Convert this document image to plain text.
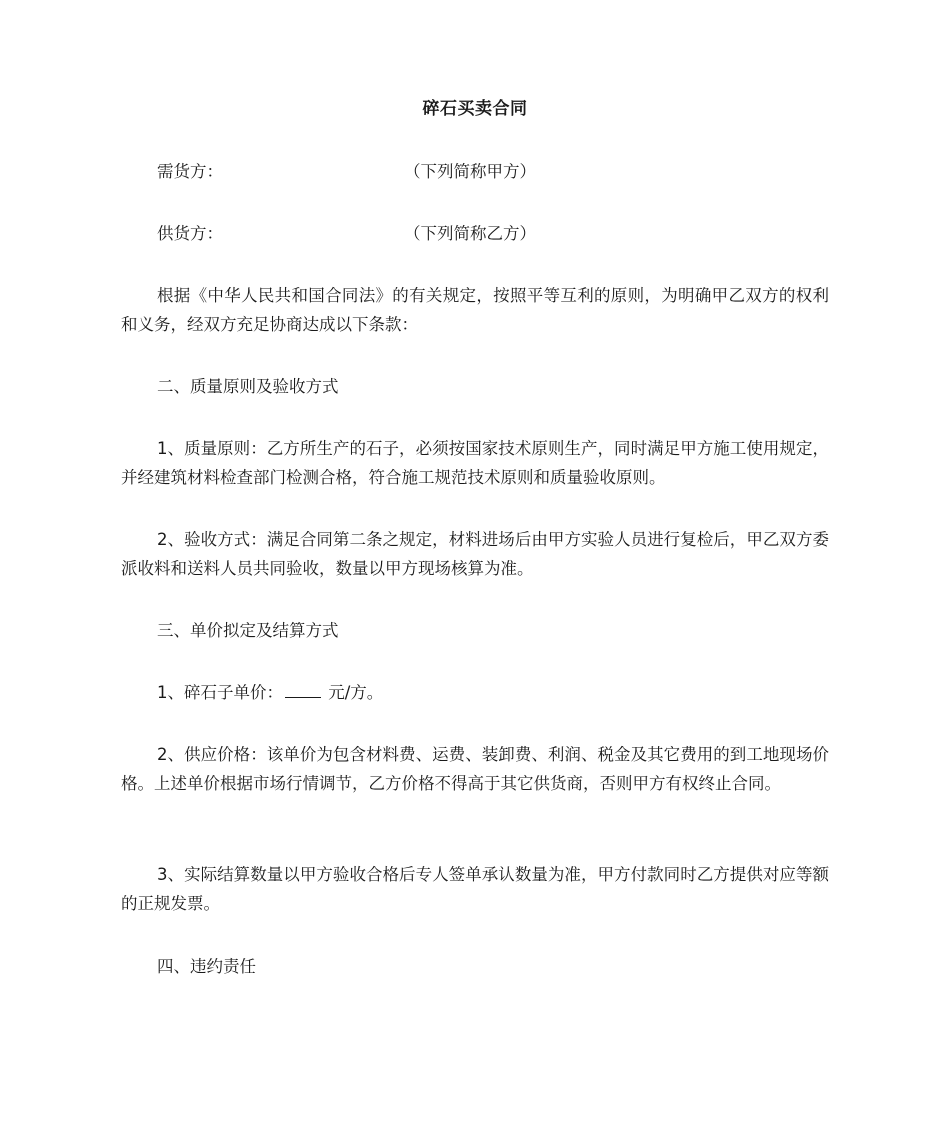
碎石买卖合同
需货方：	（下列简称甲方）
供货方：	（下列简称乙方）

根据《中华人民共和国合同法》的有关规定，按照平等互利的原则，为明确甲乙双方的权利和义务，经双方充足协商达成以下条款：

二、质量原则及验收方式

1、质量原则：乙方所生产的石子，必须按国家技术原则生产，同时满足甲方施工使用规定，并经建筑材料检查部门检测合格，符合施工规范技术原则和质量验收原则。

2、验收方式：满足合同第二条之规定，材料进场后由甲方实验人员进行复检后，甲乙双方委派收料和送料人员共同验收，数量以甲方现场核算为准。

三、单价拟定及结算方式

1、碎石子单价：	元/方。

2、供应价格：该单价为包含材料费、运费、装卸费、利润、税金及其它费用的到工地现场价格。上述单价根据市场行情调节，乙方价格不得高于其它供货商，否则甲方有权终止合同。

3、实际结算数量以甲方验收合格后专人签单承认数量为准，甲方付款同时乙方提供对应等额的正规发票。

四、违约责任
